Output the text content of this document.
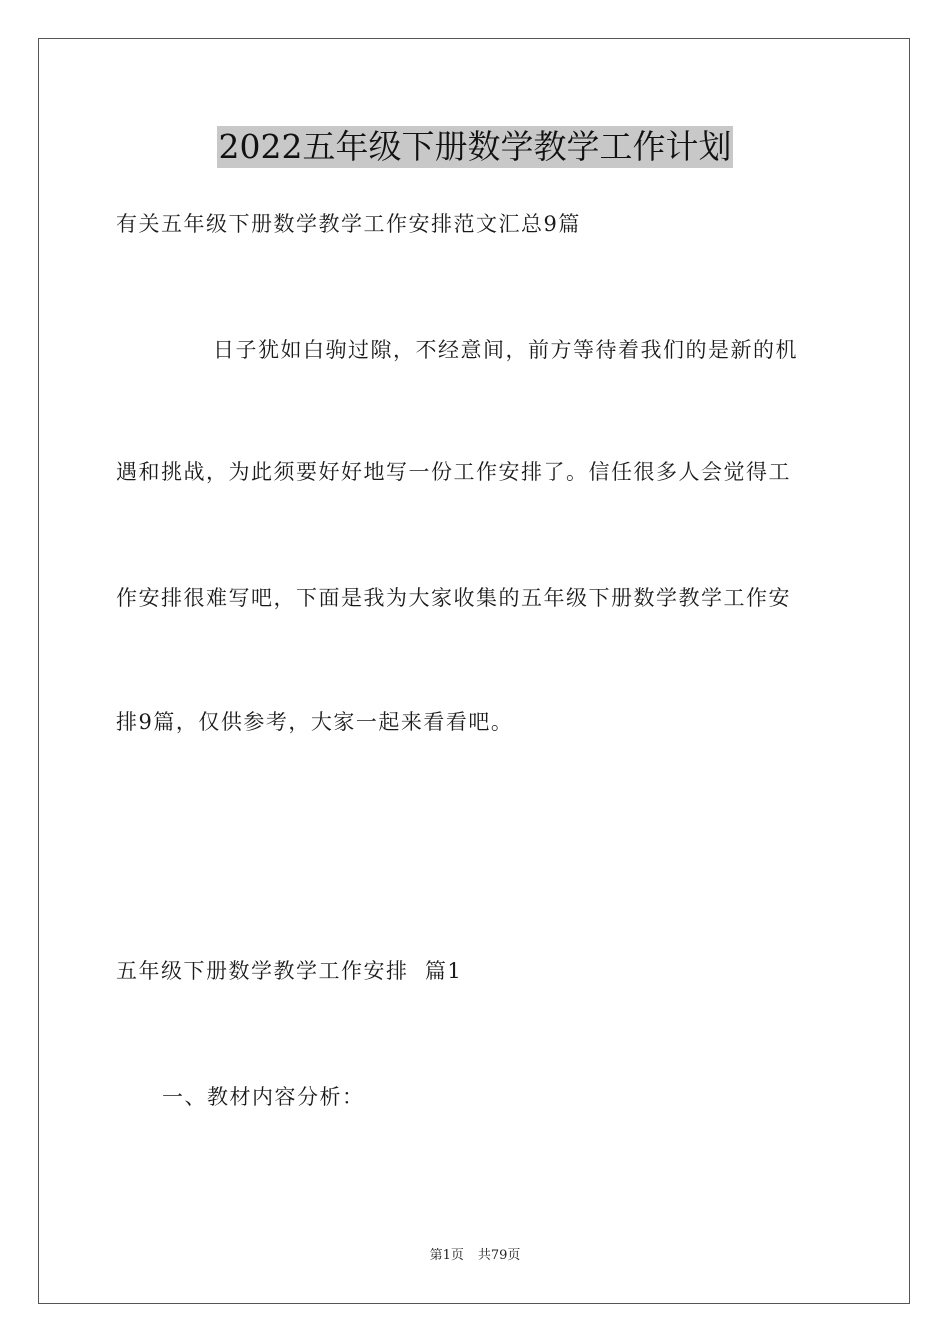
2022五年级下册数学教学工作计划
有关五年级下册数学教学工作安排范文汇总9篇
日子犹如白驹过隙，不经意间，前方等待着我们的是新的机
遇和挑战，为此须要好好地写一份工作安排了。信任很多人会觉得工
作安排很难写吧，下面是我为大家收集的五年级下册数学教学工作安
排9篇，仅供参考，大家一起来看看吧。
五年级下册数学教学工作安排  篇1
一、教材内容分析：
第1页 共79页
